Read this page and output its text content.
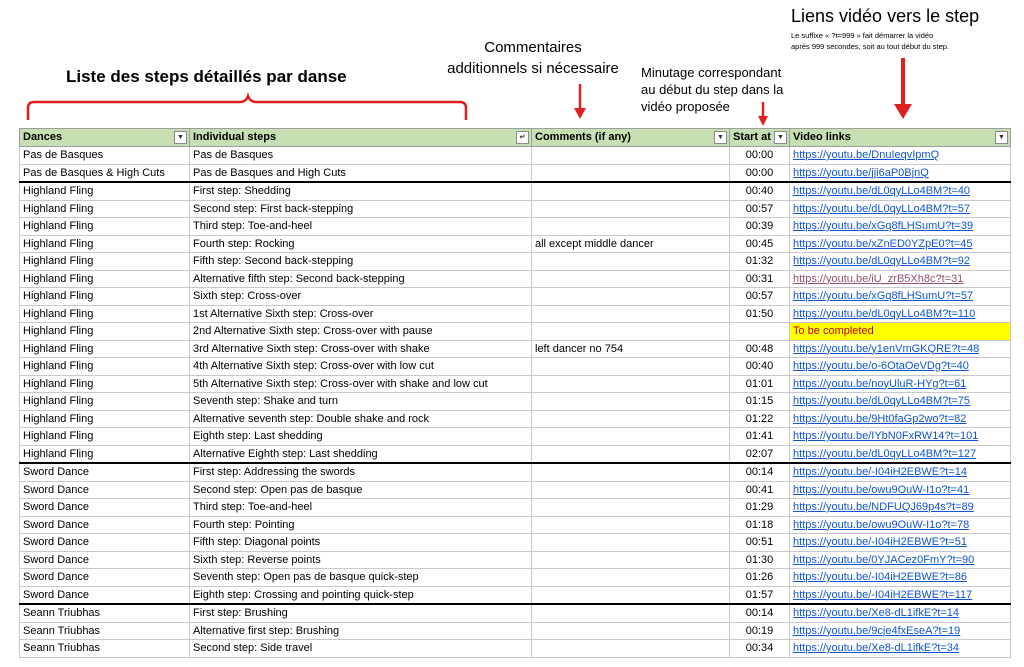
Liste des steps détaillés par danse
Commentaires
additionnels si nécessaire	Minutage correspondant
au début du step dans la
vidéo proposée
Liens vidéo vers le step
Le suffixe « ?t=999 » fait démarrer la vidéo
après 999 secondes, soit au tout début du step.
Dances ▼	Individual steps ↵	Comments (if any) ▼	Start at ▼	Video links ▼

Pas de Basques	Pas de Basques		00:00	https://youtu.be/DnuIeqvIpmQ
Pas de Basques & High Cuts	Pas de Basques and High Cuts		00:00	https://youtu.be/jji6aP0BjnQ
Highland Fling	First step: Shedding		00:40	https://youtu.be/dL0qyLLo4BM?t=40
Highland Fling	Second step: First back-stepping		00:57	https://youtu.be/dL0qyLLo4BM?t=57
Highland Fling	Third step: Toe-and-heel		00:39	https://youtu.be/xGq8fLHSumU?t=39
Highland Fling	Fourth step: Rocking	all except middle dancer	00:45	https://youtu.be/xZnED0YZpE0?t=45
Highland Fling	Fifth step: Second back-stepping		01:32	https://youtu.be/dL0qyLLo4BM?t=92
Highland Fling	Alternative fifth step: Second back-stepping		00:31	https://youtu.be/iU_zrB5Xh8c?t=31
Highland Fling	Sixth step: Cross-over		00:57	https://youtu.be/xGq8fLHSumU?t=57
Highland Fling	1st Alternative Sixth step: Cross-over		01:50	https://youtu.be/dL0qyLLo4BM?t=110
Highland Fling	2nd Alternative Sixth step: Cross-over with pause			To be completed
Highland Fling	3rd Alternative Sixth step: Cross-over with shake	left dancer no 754	00:48	https://youtu.be/y1enVmGKQRE?t=48
Highland Fling	4th Alternative Sixth step: Cross-over with low cut		00:40	https://youtu.be/o-6OtaOeVDg?t=40
Highland Fling	5th Alternative Sixth step: Cross-over with shake and low cut		01:01	https://youtu.be/noyUluR-HYg?t=61
Highland Fling	Seventh step: Shake and turn		01:15	https://youtu.be/dL0qyLLo4BM?t=75
Highland Fling	Alternative seventh step: Double shake and rock		01:22	https://youtu.be/9Ht0faGp2wo?t=82
Highland Fling	Eighth step: Last shedding		01:41	https://youtu.be/IYbN0FxRW14?t=101
Highland Fling	Alternative Eighth step: Last shedding		02:07	https://youtu.be/dL0qyLLo4BM?t=127
Sword Dance	First step: Addressing the swords		00:14	https://youtu.be/-I04iH2EBWE?t=14
Sword Dance	Second step: Open pas de basque		00:41	https://youtu.be/owu9OuW-I1o?t=41
Sword Dance	Third step: Toe-and-heel		01:29	https://youtu.be/NDFUQJ69p4s?t=89
Sword Dance	Fourth step: Pointing		01:18	https://youtu.be/owu9OuW-I1o?t=78
Sword Dance	Fifth step: Diagonal points		00:51	https://youtu.be/-I04iH2EBWE?t=51
Sword Dance	Sixth step: Reverse points		01:30	https://youtu.be/0YJACez0FmY?t=90
Sword Dance	Seventh step: Open pas de basque quick-step		01:26	https://youtu.be/-I04iH2EBWE?t=86
Sword Dance	Eighth step: Crossing and pointing quick-step		01:57	https://youtu.be/-I04iH2EBWE?t=117
Seann Triubhas	First step: Brushing		00:14	https://youtu.be/Xe8-dL1ifkE?t=14
Seann Triubhas	Alternative first step: Brushing		00:19	https://youtu.be/9cje4fxEseA?t=19
Seann Triubhas	Second step: Side travel		00:34	https://youtu.be/Xe8-dL1ifkE?t=34
